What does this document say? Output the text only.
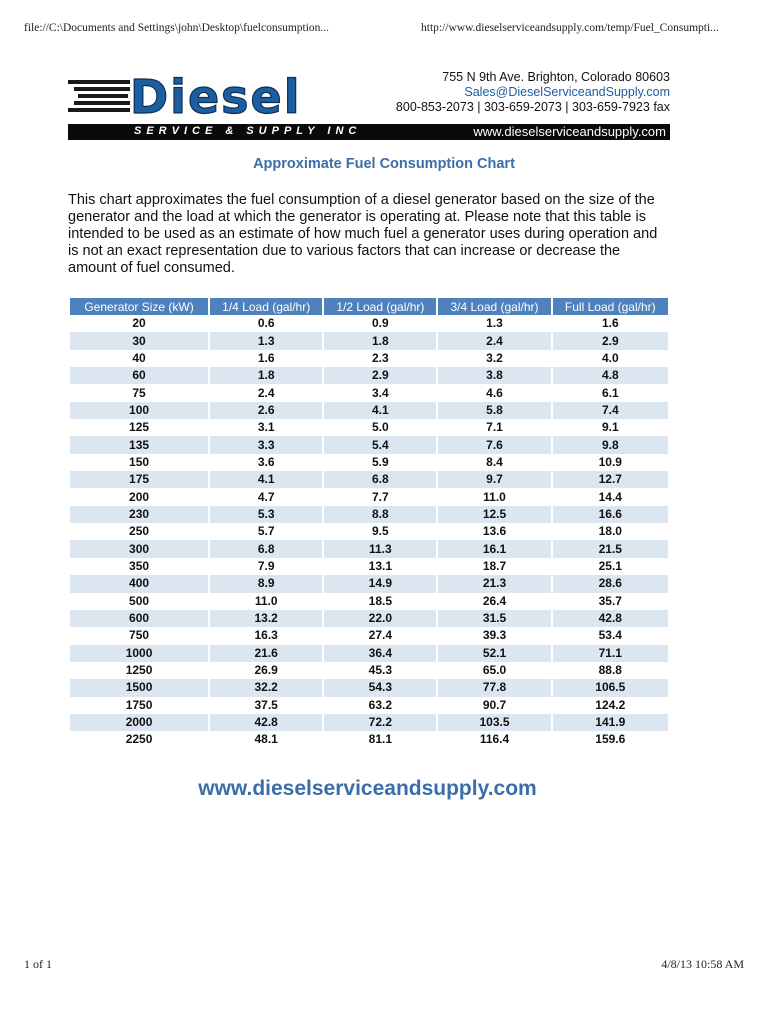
file://C:\Documents and Settings\john\Desktop\fuelconsumption...	http://www.dieselserviceandsupply.com/temp/Fuel_Consumpti...
Diesel	755 N 9th Ave. Brighton, Colorado 80603
Sales@DieselServiceandSupply.com
800-853-2073 | 303-659-2073 | 303-659-7923 fax
SERVICE & SUPPLY INC	www.dieselserviceandsupply.com
Approximate Fuel Consumption Chart
This chart approximates the fuel consumption of a diesel generator based on the size of the generator and the load at which the generator is operating at. Please note that this table is intended to be used as an estimate of how much fuel a generator uses during operation and is not an exact representation due to various factors that can increase or decrease the amount of fuel consumed.
Generator Size (kW)	1/4 Load (gal/hr)	1/2 Load (gal/hr)	3/4 Load (gal/hr)	Full Load (gal/hr)
20	0.6	0.9	1.3	1.6
30	1.3	1.8	2.4	2.9
40	1.6	2.3	3.2	4.0
60	1.8	2.9	3.8	4.8
75	2.4	3.4	4.6	6.1
100	2.6	4.1	5.8	7.4
125	3.1	5.0	7.1	9.1
135	3.3	5.4	7.6	9.8
150	3.6	5.9	8.4	10.9
175	4.1	6.8	9.7	12.7
200	4.7	7.7	11.0	14.4
230	5.3	8.8	12.5	16.6
250	5.7	9.5	13.6	18.0
300	6.8	11.3	16.1	21.5
350	7.9	13.1	18.7	25.1
400	8.9	14.9	21.3	28.6
500	11.0	18.5	26.4	35.7
600	13.2	22.0	31.5	42.8
750	16.3	27.4	39.3	53.4
1000	21.6	36.4	52.1	71.1
1250	26.9	45.3	65.0	88.8
1500	32.2	54.3	77.8	106.5
1750	37.5	63.2	90.7	124.2
2000	42.8	72.2	103.5	141.9
2250	48.1	81.1	116.4	159.6
www.dieselserviceandsupply.com
1 of 1	4/8/13 10:58 AM
